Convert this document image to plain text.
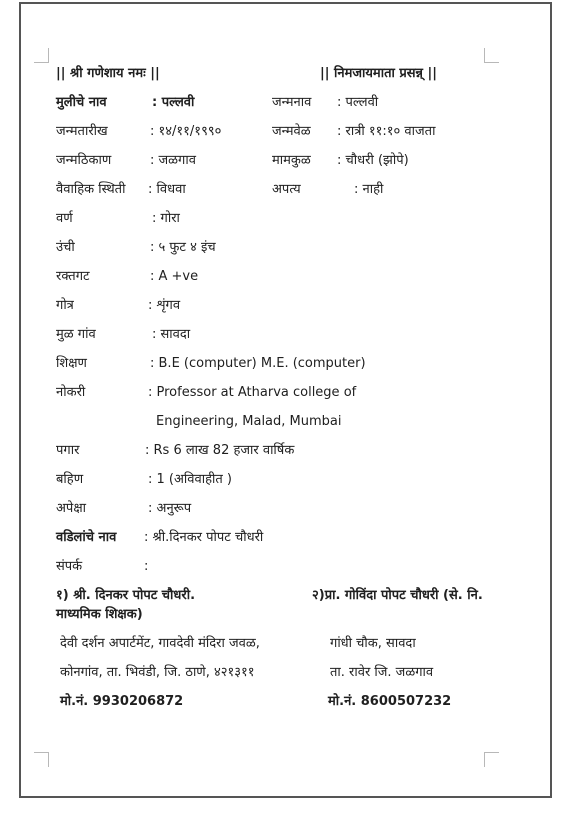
|| श्री गणेशाय नमः ||	|| निमजायमाता प्रसन्न् ||
मुलीचे नाव	: पल्लवी	जन्मनाव : पल्लवी
जन्मतारीख	: १४/११/१९९०	जन्मवेळ : रात्री ११:१० वाजता
जन्मठिकाण	: जळगाव	मामकुळ : चौधरी (झोपे)
वैवाहिक स्थिती : विधवा	अपत्य	: नाही
वर्ण	: गोरा
उंची	: ५ फुट ४ इंच
रक्तगट	: A +ve
गोत्र	: शृंगव
मुळ गांव	: सावदा
शिक्षण	: B.E (computer) M.E. (computer)
नोकरी	: Professor at Atharva college of
Engineering, Malad, Mumbai
पगार	: Rs 6 लाख 82 हजार वार्षिक
बहिण	: 1 (अविवाहीत )
अपेक्षा	: अनुरूप
वडिलांचे नाव : श्री.दिनकर पोपट चौधरी
संपर्क	:
१) श्री. दिनकर पोपट चौधरी.	२)प्रा. गोविंदा पोपट चौधरी (से. नि.
माध्यमिक शिक्षक)
देवी दर्शन अपार्टमेंट, गावदेवी मंदिरा जवळ,	गांधी चौक, सावदा
कोनगांव, ता. भिवंडी, जि. ठाणे, ४२१३११	ता. रावेर जि. जळगाव
मो.नं. 9930206872	मो.नं. 8600507232
